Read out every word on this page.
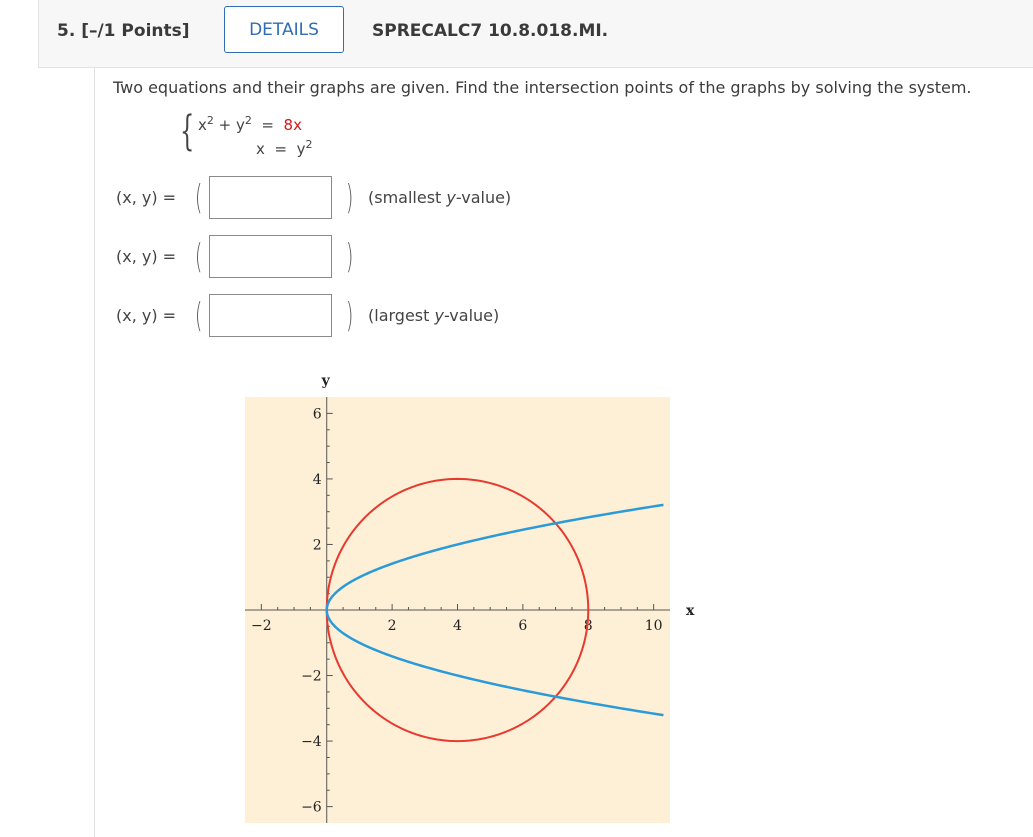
5. [–/1 Points]	DETAILS	SPRECALC7 10.8.018.MI.
Two equations and their graphs are given. Find the intersection points of the graphs by solving the system.
{ $x^2 + y^2 = 8x$
$x = y^2$
(x, y) = (	) (smallest y-value)
(x, y) = (	)
(x, y) = (	) (largest y-value)
−2	2	4	6	8	10
6
4
2
−2
−4
−6
x
y
